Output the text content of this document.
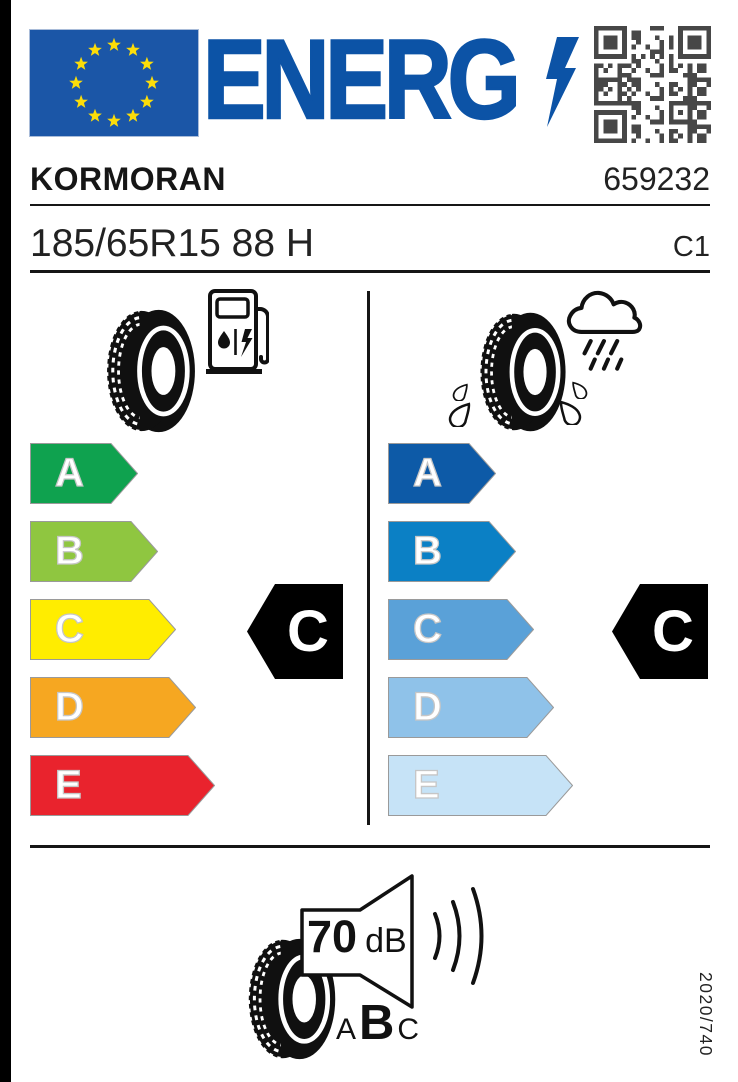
ENERG
KORMORAN	659232
185/65R15 88 H	C1
A
B
C
D
E
A
B
C
D
E
C	C
70 dB
A B C	2020/740
